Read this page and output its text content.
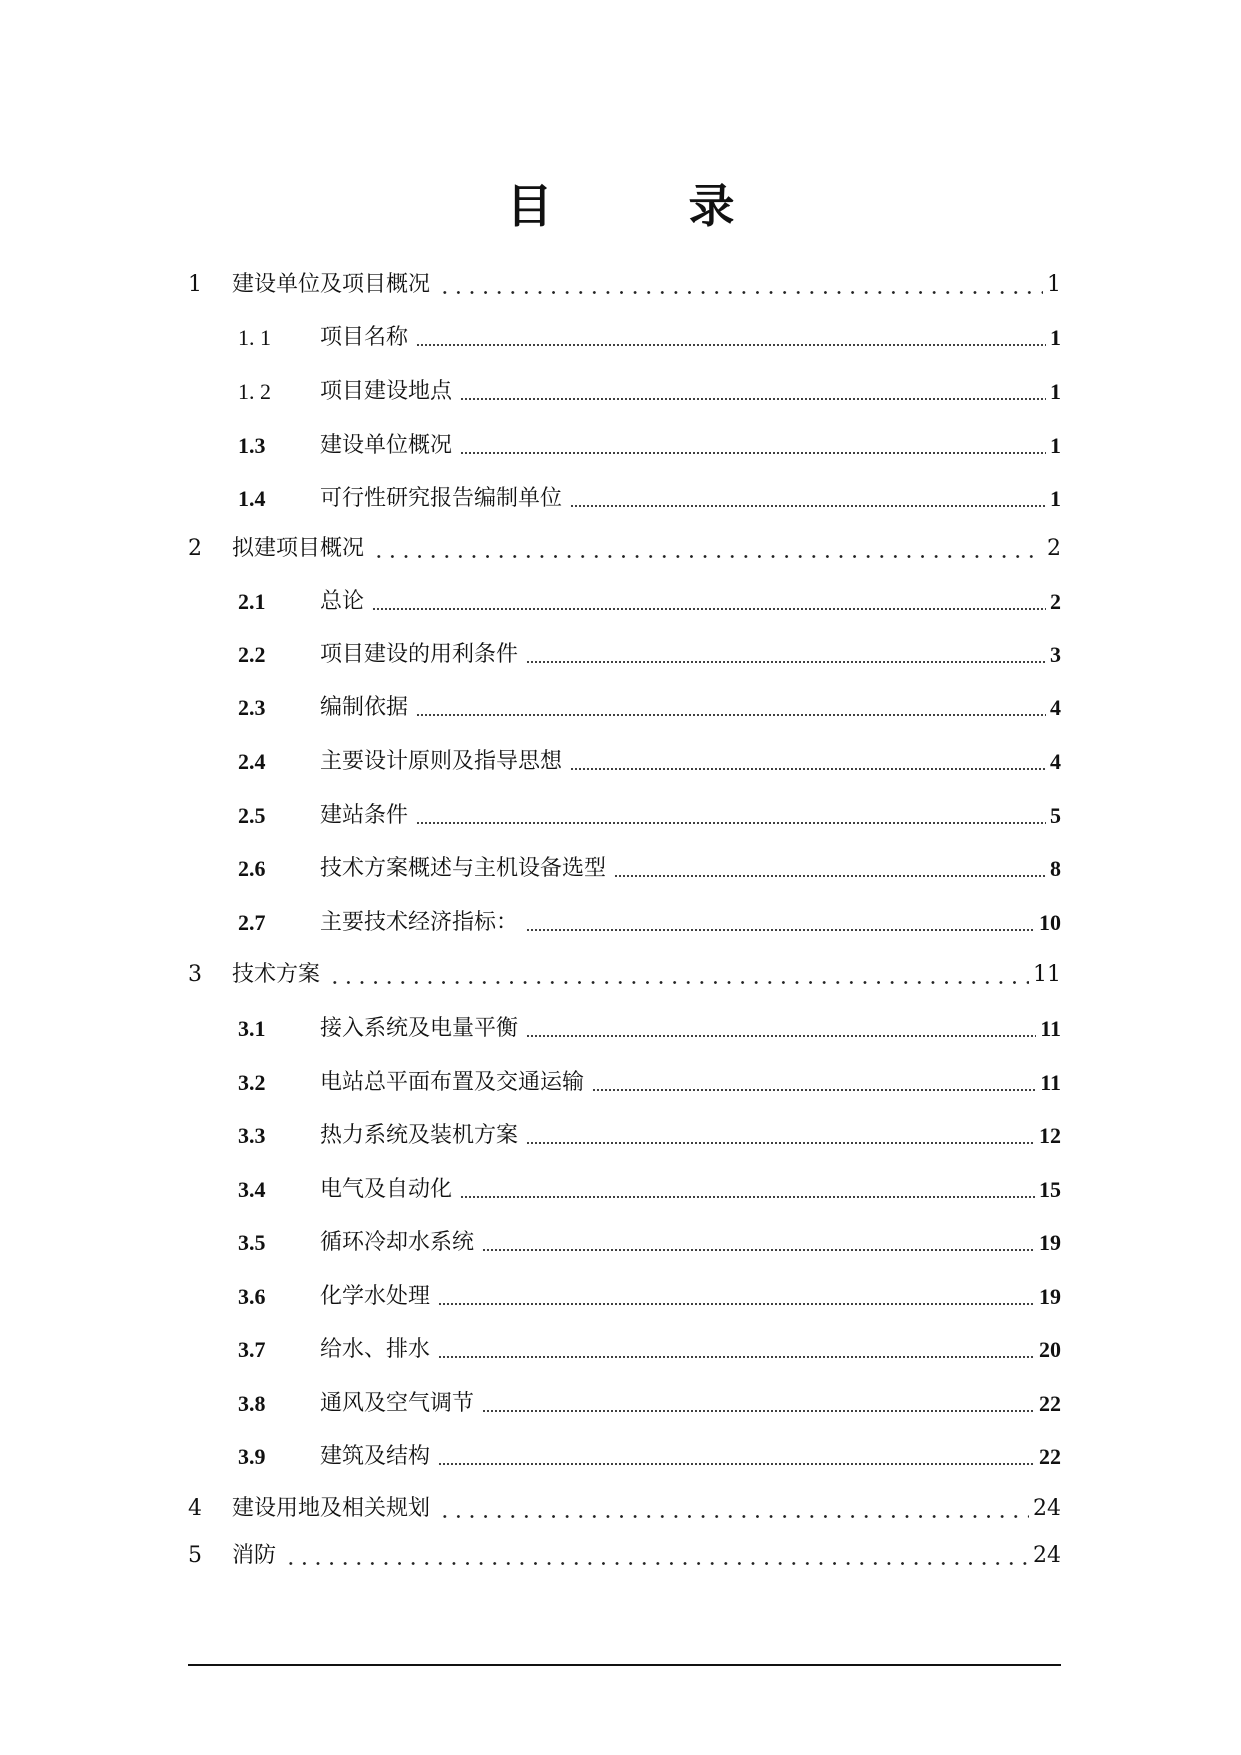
目 录
1	建设单位及项目概况	1
1. 1	项目名称	1
1. 2	项目建设地点	1
1.3	建设单位概况	1
1.4	可行性研究报告编制单位	1
2	拟建项目概况	2
2.1	总论	2
2.2	项目建设的用利条件	3
2.3	编制依据	4
2.4	主要设计原则及指导思想	4
2.5	建站条件	5
2.6	技术方案概述与主机设备选型	8
2.7	主要技术经济指标：	10
3	技术方案	11
3.1	接入系统及电量平衡	11
3.2	电站总平面布置及交通运输	11
3.3	热力系统及装机方案	12
3.4	电气及自动化	15
3.5	循环冷却水系统	19
3.6	化学水处理	19
3.7	给水、排水	20
3.8	通风及空气调节	22
3.9	建筑及结构	22
4	建设用地及相关规划	24
5	消防	24
